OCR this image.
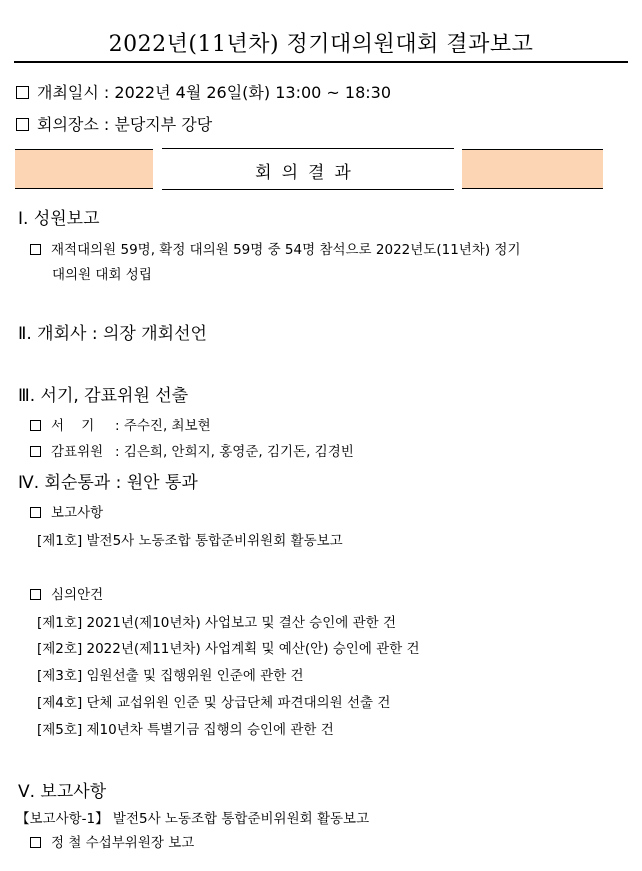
2022년(11년차) 정기대의원대회 결과보고
개최일시 : 2022년 4월 26일(화) 13:00 ~ 18:30
회의장소 : 분당지부 강당
회의결과
Ⅰ. 성원보고
재적대의원 59명, 확정 대의원 59명 중 54명 참석으로 2022년도(11년차) 정기
대의원 대회 성립
Ⅱ. 개회사 : 의장 개회선언
Ⅲ. 서기, 감표위원 선출
서    기 : 주수진, 최보현
감표위원 : 김은희, 안희지, 홍영준, 김기돈, 김경빈
Ⅳ. 회순통과 : 원안 통과
보고사항
[제1호] 발전5사 노동조합 통합준비위원회 활동보고
심의안건
[제1호] 2021년(제10년차) 사업보고 및 결산 승인에 관한 건
[제2호] 2022년(제11년차) 사업계획 및 예산(안) 승인에 관한 건
[제3호] 임원선출 및 집행위원 인준에 관한 건
[제4호] 단체 교섭위원 인준 및 상급단체 파견대의원 선출 건
[제5호] 제10년차 특별기금 집행의 승인에 관한 건
Ⅴ. 보고사항
【보고사항-1】 발전5사 노동조합 통합준비위원회 활동보고
정 철 수섭부위원장 보고
